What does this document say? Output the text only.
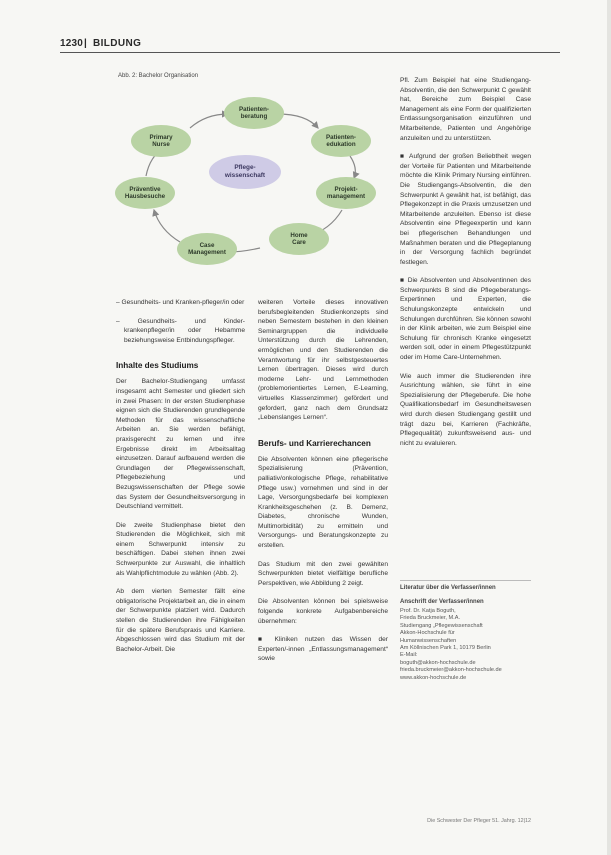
1230 | BILDUNG
Abb. 2: Bachelor Organisation
Patienten-
beratung
Patienten-
edukation
Projekt-
management
Home
Care
Case
Management
Präventive
Hausbesuche
Primary
Nurse
Pflege-
wissenschaft

– Gesundheits- und Kranken-pfleger/in oder

– Gesundheits- und Kinder-krankenpfleger/in oder Hebamme beziehungsweise Entbindungspfleger.

Inhalte des Studiums

Der Bachelor-Studiengang umfasst insgesamt acht Semester und gliedert sich in zwei Phasen: In der ersten Studienphase eignen sich die Studierenden grundlegende Methoden für das wissenschaftliche Arbeiten an. Sie werden befähigt, praxisgerecht zu lernen und ihre Ergebnisse direkt im Arbeitsalltag einzusetzen. Darauf aufbauend werden die Grundlagen der Pflegewissenschaft, Pflegebeziehung und Bezugswissenschaften der Pflege sowie das System der Gesundheitsversorgung in Deutschland vermittelt.

Die zweite Studienphase bietet den Studierenden die Möglichkeit, sich mit einem Schwerpunkt intensiv zu beschäftigen. Dabei stehen ihnen zwei Schwerpunkte zur Auswahl, die inhaltlich als Wahlpflichtmodule zu wählen (Abb. 2).

Ab dem vierten Semester fällt eine obligatorische Projektarbeit an, die in einem der Schwerpunkte platziert wird. Dadurch stellen die Studierenden ihre Fähigkeiten für die spätere Berufspraxis und Karriere. Abgeschlossen wird das Studium mit der Bachelor-Arbeit. Die

weiteren Vorteile dieses innovativen berufsbegleitenden Studienkonzepts sind neben Semestern bestehen in den kleinen Seminargruppen die individuelle Unterstützung durch die Lehrenden, ermöglichen und den Studierenden die Verantwortung für ihr selbstgesteuertes Lernen übertragen. Dieses wird durch moderne Lehr- und Lernmethoden (problemorientiertes Lernen, E-Learning, virtuelles Klassenzimmer) gefördert und gefordert, ganz nach dem Grundsatz „Lebenslanges Lernen“.

Berufs- und Karrierechancen

Die Absolventen können eine pflegerische Spezialisierung (Prävention, palliativ/onkologische Pflege, rehabilitative Pflege usw.) vornehmen und sind in der Lage, Versorgungsbedarfe bei komplexen Krankheitsgeschehen (z. B. Demenz, Diabetes, chronische Wunden, Multimorbidität) zu ermitteln und Versorgungs- und Beratungskonzepte zu erstellen.

Das Studium mit den zwei gewählten Schwerpunkten bietet vielfältige berufliche Perspektiven, wie Abbildung 2 zeigt.

Die Absolventen können bei spielsweise folgende konkrete Aufgabenbereiche übernehmen:

■ Kliniken nutzen das Wissen der Experten/-innen „Entlassungsmanagement“ sowie

Pfl. Zum Beispiel hat eine Studiengang-Absolventin, die den Schwerpunkt C gewählt hat, Bereiche zum Beispiel Case Management als eine Form der qualifizierten Entlassungsorganisation einzuführen und Mitarbeitende, Patienten und Angehörige anzuleiten und zu unterstützen.

■ Aufgrund der großen Beliebtheit wegen der Vorteile für Patienten und Mitarbeitende möchte die Klinik Primary Nursing einführen. Die Studiengangs-Absolventin, die den Schwerpunkt A gewählt hat, ist befähigt, das Pflegekonzept in die Praxis umzusetzen und Mitarbeitende anzuleiten. Ebenso ist diese Absolventin eine Pflegeexpertin und kann bei pflegerischen Behandlungen und Maßnahmen beraten und die Pflegeplanung in der Versorgung fachlich begründet festlegen.

■ Die Absolventen und Absolventinnen des Schwerpunkts B sind die Pflegeberatungs-Expertinnen und Experten, die Schulungskonzepte entwickeln und Schulungen durchführen. Sie können sowohl in der Klinik arbeiten, wie zum Beispiel eine Schulung für chronisch Kranke eingesetzt werden soll, oder in einem Pflegestützpunkt oder im Home Care-Unternehmen.

Wie auch immer die Studierenden ihre Ausrichtung wählen, sie führt in eine Spezialisierung der Pflegeberufe. Die hohe Qualifikationsbedarf im Gesundheitswesen wird durch diesen Studiengang gestillt und trägt dazu bei, Karrieren (Fachkräfte, Pflegequalität) zukunftsweisend aus- und nicht zu evaluieren.

Literatur über die Verfasser/innen
Anschrift der Verfasser/innen
Prof. Dr. Katja Boguth,
Frieda Bruckmeier, M.A.
Studiengang „Pflegewissenschaft
Akkon-Hochschule für
Humanwissenschaften
Am Köllnischen Park 1, 10179 Berlin
E-Mail:
boguth@akkon-hochschule.de
frieda.bruckmeier@akkon-hochschule.de
www.akkon-hochschule.de
Die Schwester Der Pfleger 51. Jahrg. 12|12
